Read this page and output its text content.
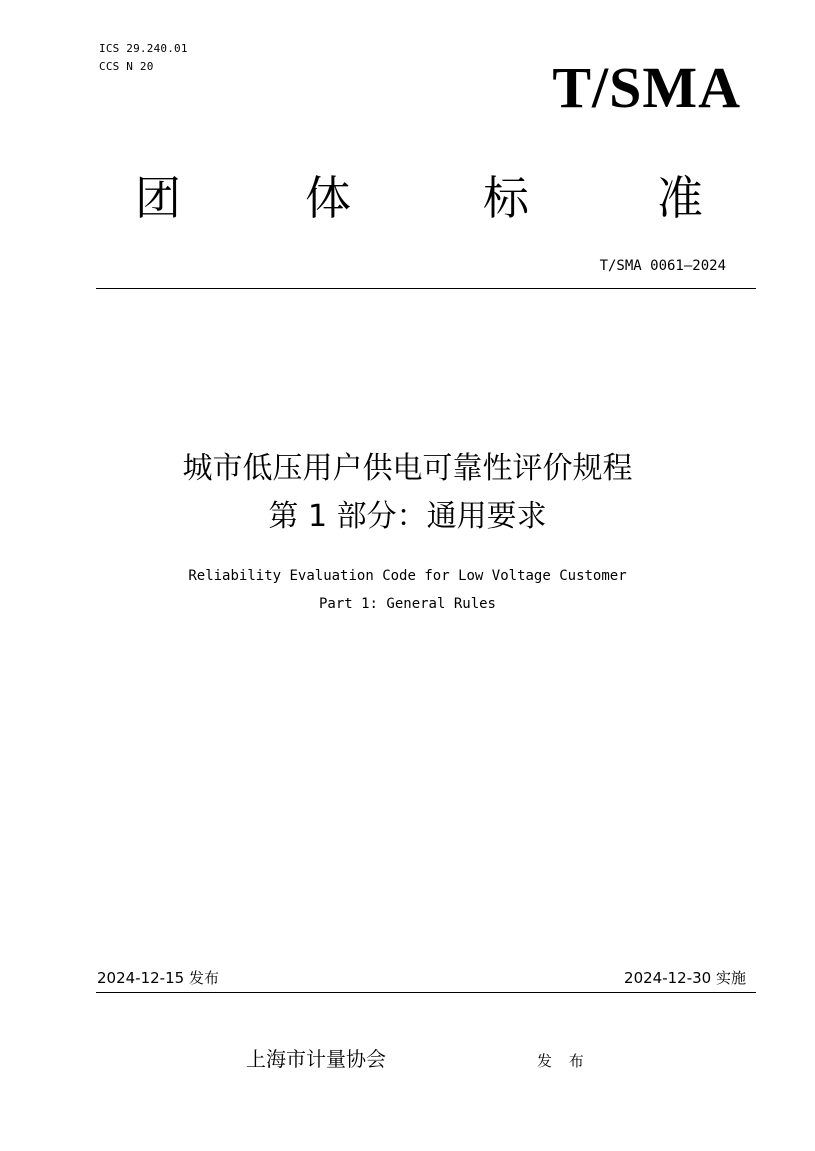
ICS 29.240.01
CCS N 20	T/SMA
团	体	标	准
T/SMA 0061—2024
城市低压用户供电可靠性评价规程
第 1 部分：通用要求
Reliability Evaluation Code for Low Voltage Customer
Part 1: General Rules
2024-12-15 发布	2024-12-30 实施
上海市计量协会	发 布
